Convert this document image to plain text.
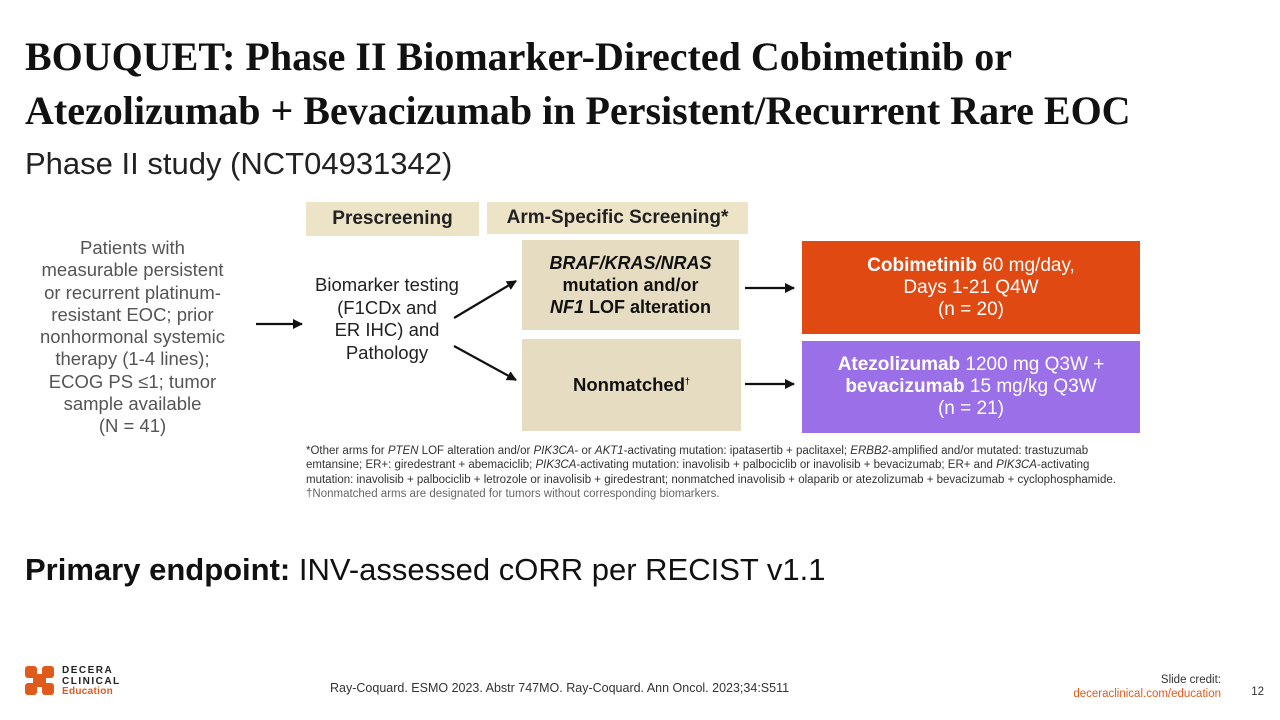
BOUQUET: Phase II Biomarker-Directed Cobimetinib or
Atezolizumab + Bevacizumab in Persistent/Recurrent Rare EOC
Phase II study (NCT04931342)
Prescreening	Arm-Specific Screening*
Patients with
measurable persistent
or recurrent platinum-
resistant EOC; prior
nonhormonal systemic
therapy (1-4 lines);
ECOG PS ≤1; tumor
sample available
(N = 41)
Biomarker testing
(F1CDx and
ER IHC) and
Pathology
BRAF/KRAS/NRAS
mutation and/or
NF1 LOF alteration
Nonmatched†
Cobimetinib 60 mg/day,
Days 1-21 Q4W
(n = 20)
Atezolizumab 1200 mg Q3W +
bevacizumab 15 mg/kg Q3W
(n = 21)
*Other arms for PTEN LOF alteration and/or PIK3CA- or AKT1-activating mutation: ipatasertib + paclitaxel; ERBB2-amplified and/or mutated: trastuzumab emtansine; ER+: giredestrant + abemaciclib; PIK3CA-activating mutation: inavolisib + palbociclib or inavolisib + bevacizumab; ER+ and PIK3CA-activating mutation: inavolisib + palbociclib + letrozole or inavolisib + giredestrant; nonmatched inavolisib + olaparib or atezolizumab + bevacizumab + cyclophosphamide. †Nonmatched arms are designated for tumors without corresponding biomarkers.
Primary endpoint: INV-assessed cORR per RECIST v1.1
DECERA
CLINICAL
Education	Ray-Coquard. ESMO 2023. Abstr 747MO. Ray-Coquard. Ann Oncol. 2023;34:S511
Slide credit:
deceraclinical.com/education	12
